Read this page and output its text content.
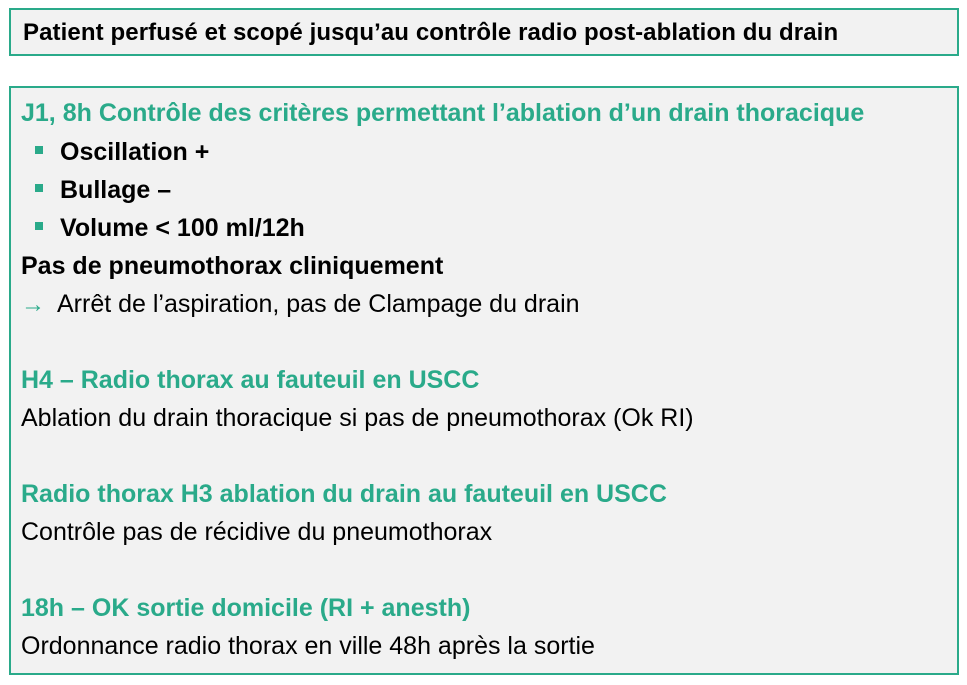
Patient perfusé et scopé jusqu’au contrôle radio post-ablation du drain
J1, 8h Contrôle des critères permettant l’ablation d’un drain thoracique
Oscillation +
Bullage –
Volume < 100 ml/12h
Pas de pneumothorax cliniquement
→ Arrêt de l’aspiration, pas de Clampage du drain
H4 – Radio thorax au fauteuil en USCC
Ablation du drain thoracique si pas de pneumothorax (Ok RI)
Radio thorax H3 ablation du drain au fauteuil en USCC
Contrôle pas de récidive du pneumothorax
18h – OK sortie domicile (RI + anesth)
Ordonnance radio thorax en ville 48h après la sortie
